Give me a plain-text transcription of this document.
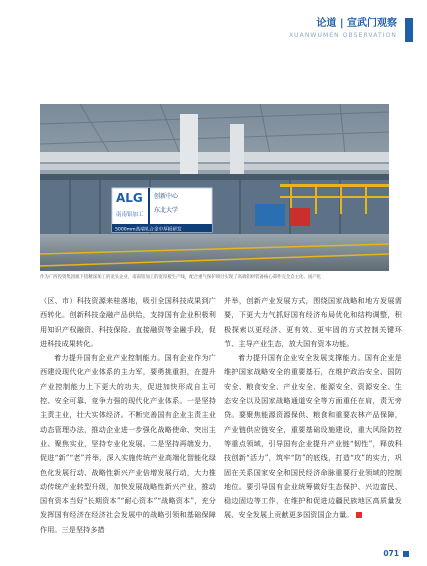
论道 | 宣武门观察
XUANWUMEN OBSERVATION
ALG
南南铝加工
创新中心
东北大学
5000mm高端轧合金中厚板研发
作为广西投资集团旗下铝精深加工的龙头企业，南南铝加工的宽厚板生产线，配合重气保护项目实现了高端铝材装备核心部件完全自主化、国产化

（区、市）科技资源来桂落地，吸引全国科技成果到广西转化。创新科技金融产品供给，支持国有企业积极利用知识产权融资、科技保险、直接融资等金融手段，促进科技成果转化。

着力提升国有企业产业控制能力。国有企业作为广西建设现代化产业体系的主力军，要勇挑重担，在提升产业控制能力上下更大的功夫，促进加快形成自主可控、安全可靠、竞争力强的现代化产业体系。一是坚持主责主业，壮大实体经济。不断完善国有企业主责主业动态管理办法，推动企业进一步强化战略使命、突出主业、聚焦实业，坚持专业化发展。二是坚持再端发力，促进“新”“老”并举，深入实施传统产业高端化智能化绿色化发展行动、战略性新兴产业倍增发展行动，大力推动传统产业转型升级，加快发展战略性新兴产业，推动国有资本当好“长期资本”“耐心资本”“战略资本”，充分发挥国有经济在经济社会发展中的战略引领和基础保障作用。三是坚持多措

并举，创新产业发展方式，围绕国家战略和地方发展需要，下更大力气抓好国有经济布局优化和结构调整，积极探索以更经济、更有效、更牢固的方式控制关键环节、主导产业生态，放大国有资本功能。

着力提升国有企业安全发展支撑能力。国有企业是维护国家战略安全的重要基石，在维护政治安全、国防安全、粮食安全、产业安全、能源安全、资源安全、生态安全以及国家战略通道安全等方面重任在肩，责无旁贷。要聚焦能源资源保供、粮食和重要农林产品保障，产业链供应链安全，重要基础设施建设，重大风险防控等重点领域，引导国有企业提升产业链“韧性”，释放科技创新“活力”，筑牢“防”的底线，打造“攻”的实力，巩固在关系国家安全和国民经济命脉重要行业领域的控制地位。要引导国有企业统筹做好生态保护、兴边富民、稳边固边等工作，在维护和促进边疆民族地区高质量发展、安全发展上贡献更多国资国企力量。

071
